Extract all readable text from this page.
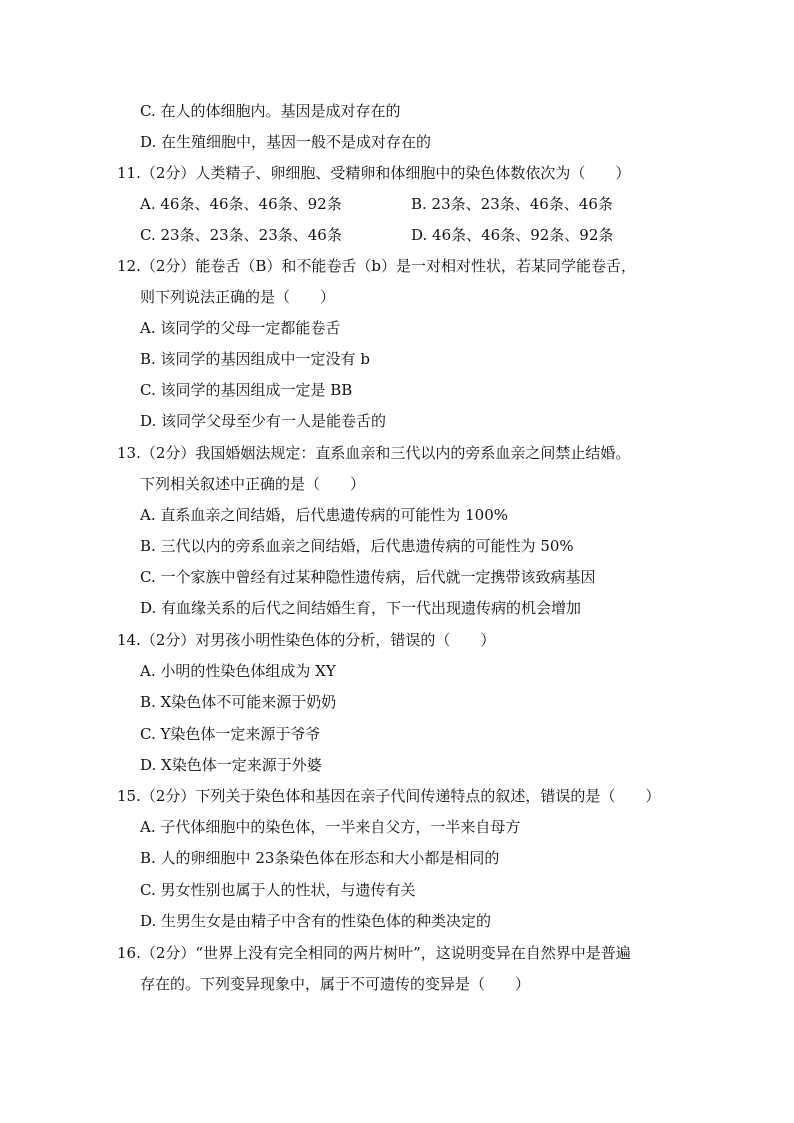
C. 在人的体细胞内。基因是成对存在的
D. 在生殖细胞中，基因一般不是成对存在的
11.（2分）人类精子、卵细胞、受精卵和体细胞中的染色体数依次为（　　）
A. 46条、46条、46条、92条	B. 23条、23条、46条、46条
C. 23条、23条、23条、46条	D. 46条、46条、92条、92条
12.（2分）能卷舌（B）和不能卷舌（b）是一对相对性状，若某同学能卷舌，
则下列说法正确的是（　　）
A. 该同学的父母一定都能卷舌
B. 该同学的基因组成中一定没有 b
C. 该同学的基因组成一定是 BB
D. 该同学父母至少有一人是能卷舌的
13.（2分）我国婚姻法规定：直系血亲和三代以内的旁系血亲之间禁止结婚。
下列相关叙述中正确的是（　　）
A. 直系血亲之间结婚，后代患遗传病的可能性为 100%
B. 三代以内的旁系血亲之间结婚，后代患遗传病的可能性为 50%
C. 一个家族中曾经有过某种隐性遗传病，后代就一定携带该致病基因
D. 有血缘关系的后代之间结婚生育，下一代出现遗传病的机会增加
14.（2分）对男孩小明性染色体的分析，错误的（　　）
A. 小明的性染色体组成为 XY
B. X染色体不可能来源于奶奶
C. Y染色体一定来源于爷爷
D. X染色体一定来源于外婆
15.（2分）下列关于染色体和基因在亲子代间传递特点的叙述，错误的是（　　）
A. 子代体细胞中的染色体，一半来自父方，一半来自母方
B. 人的卵细胞中 23条染色体在形态和大小都是相同的
C. 男女性别也属于人的性状，与遗传有关
D. 生男生女是由精子中含有的性染色体的种类决定的
16.（2分）“世界上没有完全相同的两片树叶”，这说明变异在自然界中是普遍
存在的。下列变异现象中，属于不可遗传的变异是（　　）
